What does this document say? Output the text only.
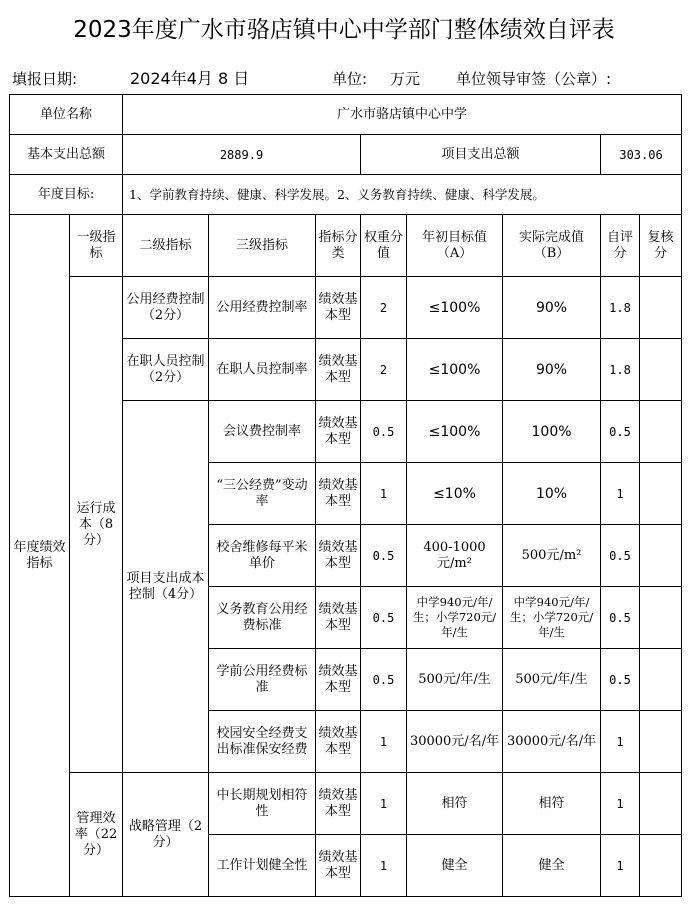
2023年度广水市骆店镇中心中学部门整体绩效自评表
填报日期:	2024年4月 8 日	单位: 万元 单位领导审签（公章）:
单位名称		广水市骆店镇中心中学							
基本支出总额		2889.9			项目支出总额			303.06	
年度目标:		1、学前教育持续、健康、科学发展。2、义务教育持续、健康、科学发展。							
年度绩效指标	一级指标	二级指标	三级指标	指标分类	权重分值	年初目标值（A）	实际完成值（B）	自评分	复核分
	运行成本（8分）	公用经费控制（2分）	公用经费控制率	绩效基本型	2	≤100%	90%	1.8	
		在职人员控制（2分）	在职人员控制率	绩效基本型	2	≤100%	90%	1.8	
		项目支出成本控制（4分）	会议费控制率	绩效基本型	0.5	≤100%	100%	0.5	
			“三公经费”变动率	绩效基本型	1	≤10%	10%	1	
			校舍维修每平米单价	绩效基本型	0.5	400-1000元/m²	500元/m²	0.5	
			义务教育公用经费标准	绩效基本型	0.5	中学940元/年/生；小学720元/年/生	中学940元/年/生；小学720元/年/生	0.5	
			学前公用经费标准	绩效基本型	0.5	500元/年/生	500元/年/生	0.5	
			校园安全经费支出标准保安经费	绩效基本型	1	30000元/名/年	30000元/名/年	1	
	管理效率（22分）	战略管理（2分）	中长期规划相符性	绩效基本型	1	相符	相符	1	
			工作计划健全性	绩效基本型	1	健全	健全	1	
